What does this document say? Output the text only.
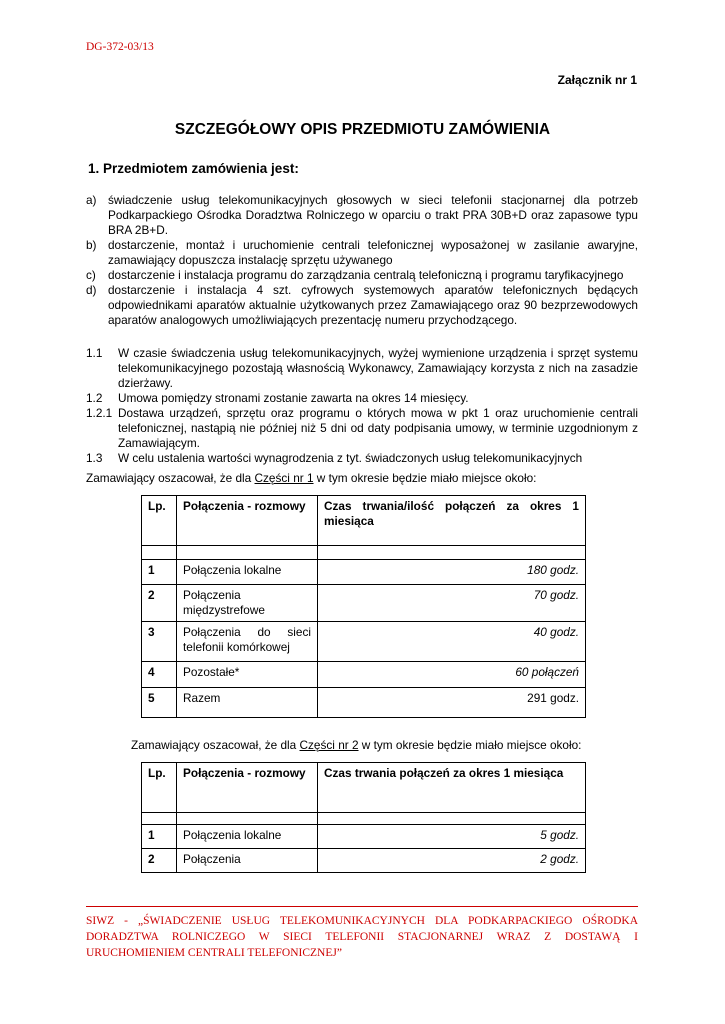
DG-372-03/13
Załącznik nr 1
SZCZEGÓŁOWY OPIS PRZEDMIOTU ZAMÓWIENIA
1. Przedmiotem zamówienia jest:
a) świadczenie usług telekomunikacyjnych głosowych w sieci telefonii stacjonarnej dla potrzeb Podkarpackiego Ośrodka Doradztwa Rolniczego w oparciu o trakt PRA 30B+D oraz zapasowe typu BRA 2B+D.
b) dostarczenie, montaż i uruchomienie centrali telefonicznej wyposażonej w zasilanie awaryjne, zamawiający dopuszcza instalację sprzętu używanego
c)	dostarczenie i instalacja programu do zarządzania centralą telefoniczną i programu taryfikacyjnego
d) dostarczenie i instalacja 4 szt. cyfrowych systemowych aparatów telefonicznych będących odpowiednikami aparatów aktualnie użytkowanych przez Zamawiającego oraz 90 bezprzewodowych aparatów analogowych umożliwiających prezentację numeru przychodzącego.
1.1	W czasie świadczenia usług telekomunikacyjnych, wyżej wymienione urządzenia i sprzęt systemu telekomunikacyjnego pozostają własnością Wykonawcy, Zamawiający korzysta z nich na zasadzie dzierżawy.
1.2	Umowa pomiędzy stronami zostanie zawarta na okres 14 miesięcy.
1.2.1 Dostawa urządzeń, sprzętu oraz programu o których mowa w pkt 1 oraz uruchomienie centrali telefonicznej, nastąpią nie później niż 5 dni od daty podpisania umowy, w terminie uzgodnionym z Zamawiającym.
1.3	W celu ustalenia wartości wynagrodzenia z tyt. świadczonych usług telekomunikacyjnych
Zamawiający oszacował, że dla Części nr 1 w tym okresie będzie miało miejsce około:
Lp.	Połączenia - rozmowy	Czas trwania/ilość połączeń za okres 1 miesiąca

1	Połączenia lokalne	180 godz.
2	Połączenia międzystrefowe	70 godz.
3	Połączenia do sieci
telefonii komórkowej	40 godz.
4	Pozostałe*	60 połączeń
5	Razem	291 godz.
Zamawiający oszacował, że dla Części nr 2 w tym okresie będzie miało miejsce około:
Lp.	Połączenia - rozmowy	Czas trwania połączeń za okres 1 miesiąca

1	Połączenia lokalne	5 godz.
2	Połączenia	2 godz.
SIWZ - „ŚWIADCZENIE USŁUG TELEKOMUNIKACYJNYCH DLA PODKARPACKIEGO OŚRODKA DORADZTWA ROLNICZEGO W SIECI TELEFONII STACJONARNEJ WRAZ Z DOSTAWĄ I URUCHOMIENIEM CENTRALI TELEFONICZNEJ”
